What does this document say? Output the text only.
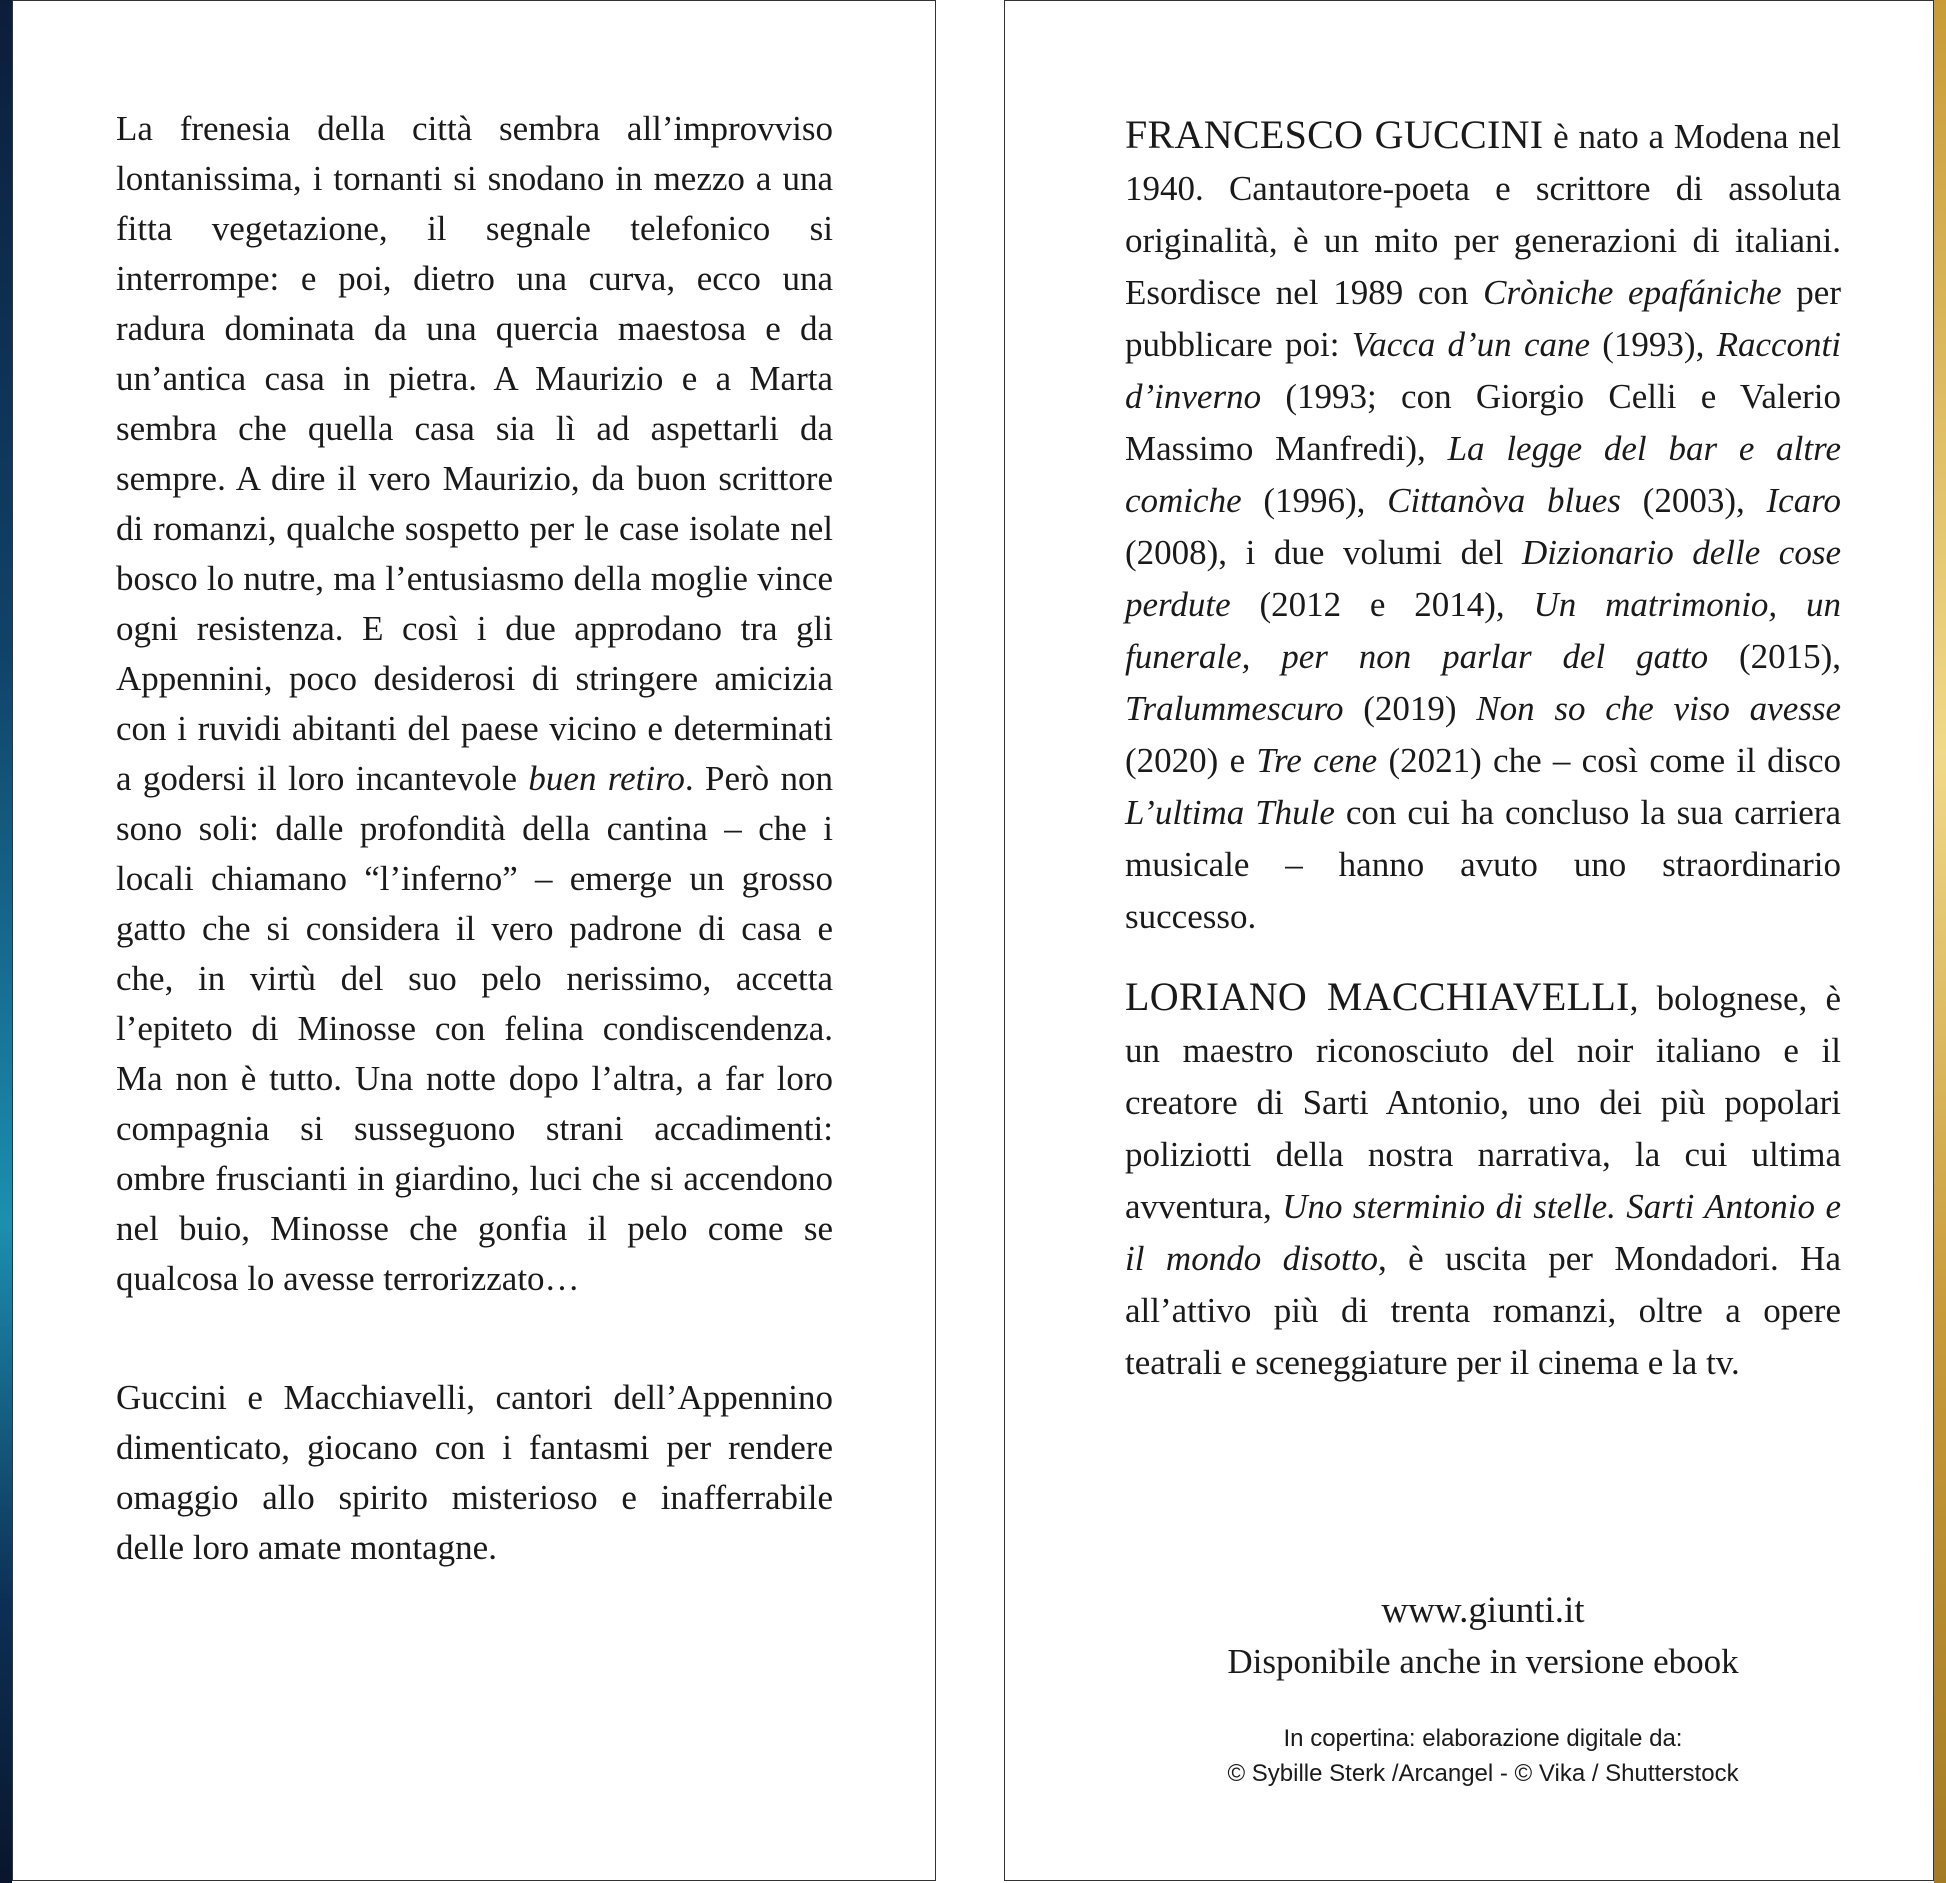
La frenesia della città sembra all’improvviso lontanissima, i tornanti si snodano in mezzo a una fitta vegetazione, il segnale telefonico si interrompe: e poi, dietro una curva, ecco una radura dominata da una quercia maestosa e da un’antica casa in pietra. A Maurizio e a Marta sembra che quella casa sia lì ad aspettarli da sempre. A dire il vero Maurizio, da buon scrittore di romanzi, qualche sospetto per le case isolate nel bosco lo nutre, ma l’entusiasmo della moglie vince ogni resistenza. E così i due approdano tra gli Appennini, poco desiderosi di stringere amicizia con i ruvidi abitanti del paese vicino e determinati a godersi il loro incantevole buen retiro. Però non sono soli: dalle profondità della cantina – che i locali chiamano “l’inferno” – emerge un grosso gatto che si considera il vero padrone di casa e che, in virtù del suo pelo nerissimo, accetta l’epiteto di Minosse con felina condiscendenza. Ma non è tutto. Una notte dopo l’altra, a far loro compagnia si susseguono strani accadimenti: ombre fruscianti in giardino, luci che si accendono nel buio, Minosse che gonfia il pelo come se qualcosa lo avesse terrorizzato…

Guccini e Macchiavelli, cantori dell’Appennino dimenticato, giocano con i fantasmi per rendere omaggio allo spirito misterioso e inafferrabile delle loro amate montagne.

FRANCESCO GUCCINI è nato a Modena nel 1940. Cantautore-poeta e scrittore di assoluta originalità, è un mito per generazioni di italiani. Esordisce nel 1989 con Cròniche epafániche per pubblicare poi: Vacca d’un cane (1993), Racconti d’inverno (1993; con Giorgio Celli e Valerio Massimo Manfredi), La legge del bar e altre comiche (1996), Cittanòva blues (2003), Icaro (2008), i due volumi del Dizionario delle cose perdute (2012 e 2014), Un matrimonio, un funerale, per non parlar del gatto (2015), Tralummescuro (2019) Non so che viso avesse (2020) e Tre cene (2021) che – così come il disco L’ultima Thule con cui ha concluso la sua carriera musicale – hanno avuto uno straordinario successo.

LORIANO MACCHIAVELLI, bolognese, è un maestro riconosciuto del noir italiano e il creatore di Sarti Antonio, uno dei più popolari poliziotti della nostra narrativa, la cui ultima avventura, Uno sterminio di stelle. Sarti Antonio e il mondo disotto, è uscita per Mondadori. Ha all’attivo più di trenta romanzi, oltre a opere teatrali e sceneggiature per il cinema e la tv.

www.giunti.it
Disponibile anche in versione ebook
In copertina: elaborazione digitale da:
© Sybille Sterk /Arcangel - © Vika / Shutterstock
